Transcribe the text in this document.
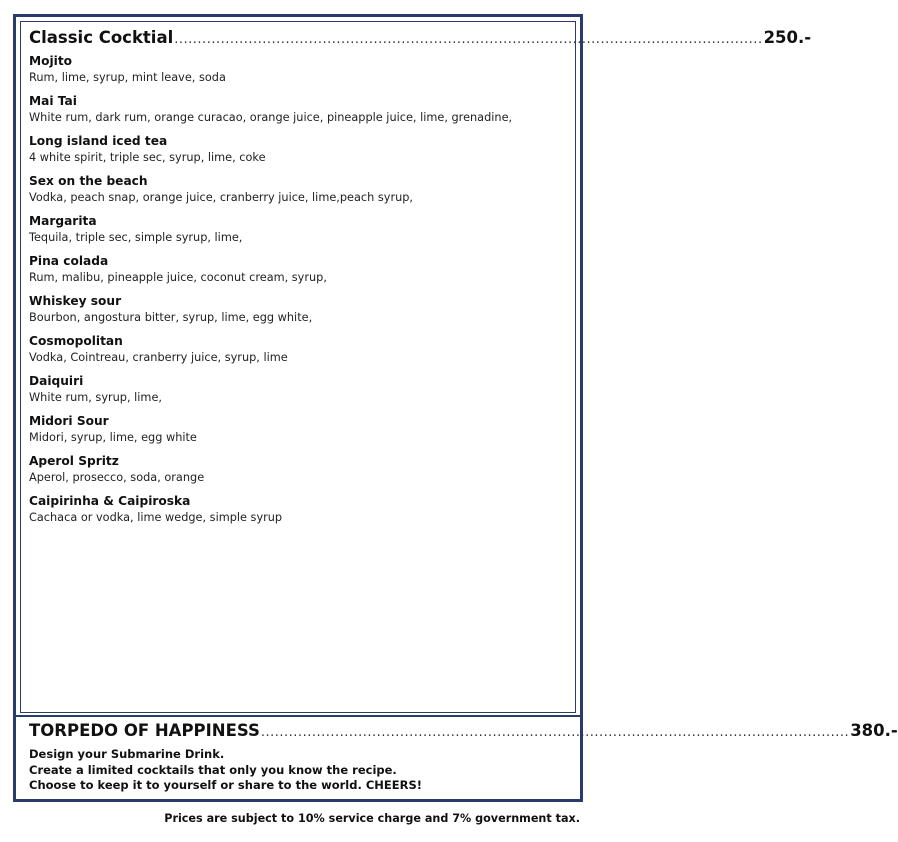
Classic Cocktial ............................................................................................................................... 250.-
Mojito
Rum, lime, syrup, mint leave, soda
Mai Tai
White rum, dark rum, orange curacao, orange juice, pineapple juice, lime, grenadine,
Long island iced tea
4 white spirit, triple sec, syrup, lime, coke
Sex on the beach
Vodka, peach snap, orange juice, cranberry juice, lime,peach syrup,
Margarita
Tequila, triple sec, simple syrup, lime,
Pina colada
Rum, malibu, pineapple juice, coconut cream, syrup,
Whiskey sour
Bourbon, angostura bitter, syrup, lime, egg white,
Cosmopolitan
Vodka, Cointreau, cranberry juice, syrup, lime
Daiquiri
White rum, syrup, lime,
Midori Sour
Midori, syrup, lime, egg white
Aperol Spritz
Aperol, prosecco, soda, orange
Caipirinha & Caipiroska
Cachaca or vodka, lime wedge, simple syrup
TORPEDO OF HAPPINESS ............................................................................................................................... 380.-
Design your Submarine Drink.
Create a limited cocktails that only you know the recipe.
Choose to keep it to yourself or share to the world. CHEERS!
Prices are subject to 10% service charge and 7% government tax.
